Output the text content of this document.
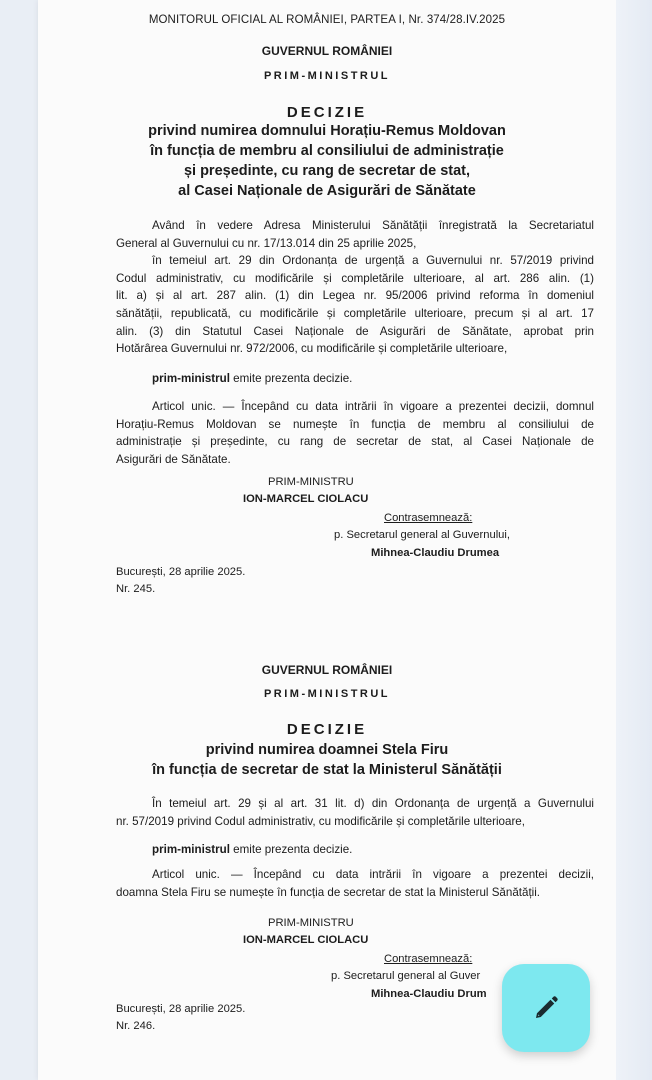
MONITORUL OFICIAL AL ROMÂNIEI, PARTEA I, Nr. 374/28.IV.2025
GUVERNUL ROMÂNIEI
PRIM-MINISTRUL
DECIZIE
privind numirea domnului Horațiu-Remus Moldovan
în funcția de membru al consiliului de administrație
și președinte, cu rang de secretar de stat,
al Casei Naționale de Asigurări de Sănătate
Având în vedere Adresa Ministerului Sănătății înregistrată la Secretariatul
General al Guvernului cu nr. 17/13.014 din 25 aprilie 2025,
în temeiul art. 29 din Ordonanța de urgență a Guvernului nr. 57/2019 privind
Codul administrativ, cu modificările și completările ulterioare, al art. 286 alin. (1)
lit. a) și al art. 287 alin. (1) din Legea nr. 95/2006 privind reforma în domeniul
sănătății, republicată, cu modificările și completările ulterioare, precum și al art. 17
alin. (3) din Statutul Casei Naționale de Asigurări de Sănătate, aprobat prin
Hotărârea Guvernului nr. 972/2006, cu modificările și completările ulterioare,
prim-ministrul emite prezenta decizie.
Articol unic. — Începând cu data intrării în vigoare a prezentei decizii, domnul
Horațiu-Remus Moldovan se numește în funcția de membru al consiliului de
administrație și președinte, cu rang de secretar de stat, al Casei Naționale de
Asigurări de Sănătate.
PRIM-MINISTRU
ION-MARCEL CIOLACU
Contrasemnează:
p. Secretarul general al Guvernului,
Mihnea-Claudiu Drumea
București, 28 aprilie 2025.
Nr. 245.
GUVERNUL ROMÂNIEI
PRIM-MINISTRUL
DECIZIE
privind numirea doamnei Stela Firu
în funcția de secretar de stat la Ministerul Sănătății
În temeiul art. 29 și al art. 31 lit. d) din Ordonanța de urgență a Guvernului
nr. 57/2019 privind Codul administrativ, cu modificările și completările ulterioare,
prim-ministrul emite prezenta decizie.
Articol unic. — Începând cu data intrării în vigoare a prezentei decizii,
doamna Stela Firu se numește în funcția de secretar de stat la Ministerul Sănătății.
PRIM-MINISTRU
ION-MARCEL CIOLACU
Contrasemnează:
p. Secretarul general al Guver
Mihnea-Claudiu Drum
București, 28 aprilie 2025.
Nr. 246.
